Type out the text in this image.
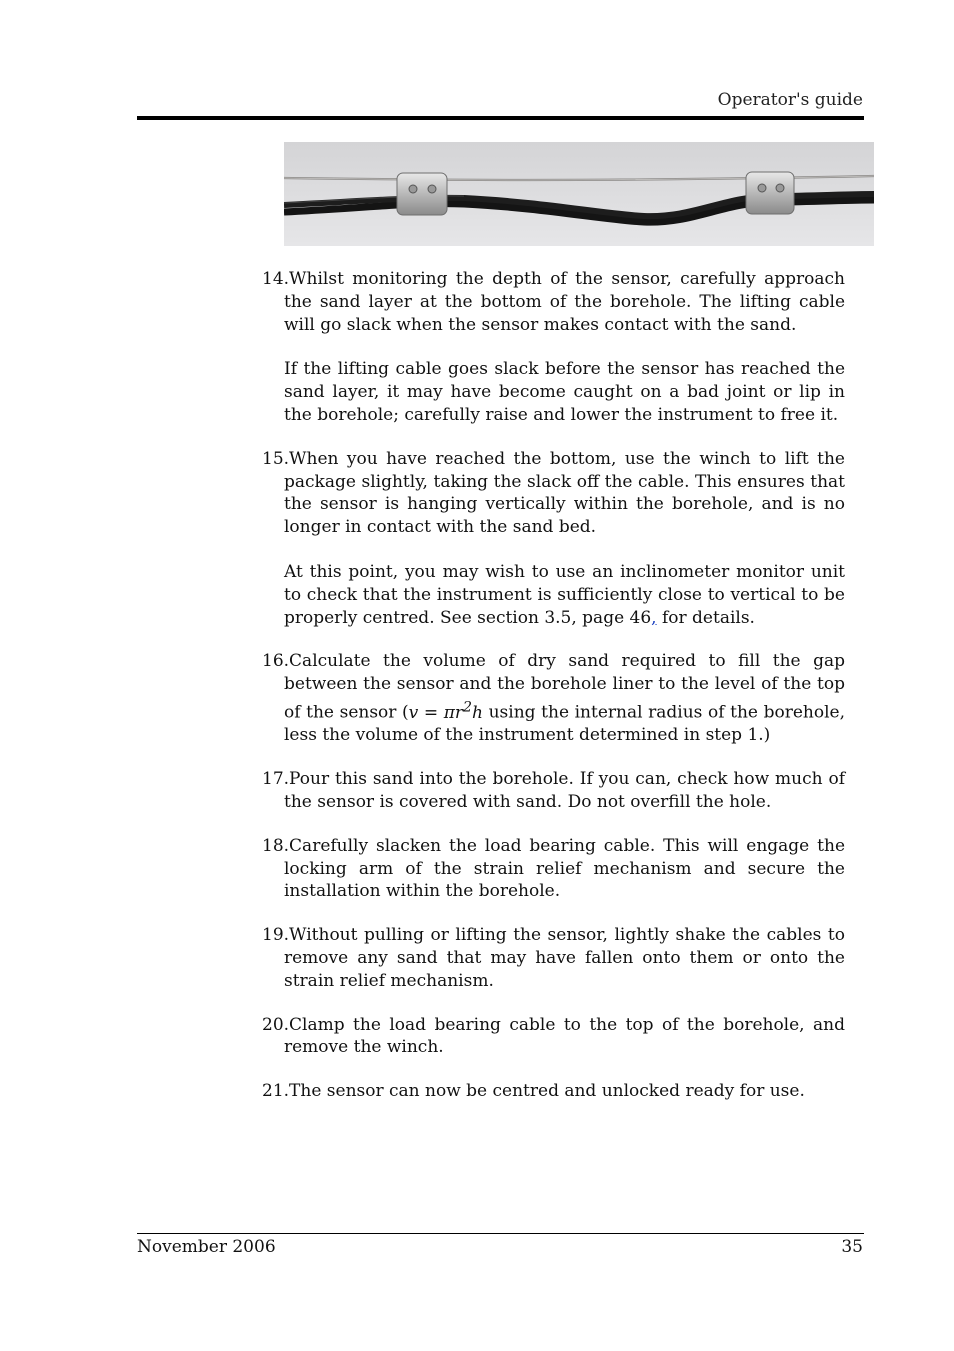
Operator's guide

14.Whilst monitoring the depth of the sensor, carefully approach the sand layer at the bottom of the borehole. The lifting cable will go slack when the sensor makes contact with the sand.

If the lifting cable goes slack before the sensor has reached the sand layer, it may have become caught on a bad joint or lip in the borehole; carefully raise and lower the instrument to free it.

15.When you have reached the bottom, use the winch to lift the package slightly, taking the slack off the cable. This ensures that the sensor is hanging vertically within the borehole, and is no longer in contact with the sand bed.

At this point, you may wish to use an inclinometer monitor unit to check that the instrument is sufficiently close to vertical to be properly centred. See section 3.5, page 46, for details.

16.Calculate the volume of dry sand required to fill the gap between the sensor and the borehole liner to the level of the top of the sensor ($v = \pi r^2h$ using the internal radius of the borehole, less the volume of the instrument determined in step 1.)

17.Pour this sand into the borehole. If you can, check how much of the sensor is covered with sand. Do not overfill the hole.

18.Carefully slacken the load bearing cable. This will engage the locking arm of the strain relief mechanism and secure the installation within the borehole.

19.Without pulling or lifting the sensor, lightly shake the cables to remove any sand that may have fallen onto them or onto the strain relief mechanism.

20.Clamp the load bearing cable to the top of the borehole, and remove the winch.

21.The sensor can now be centred and unlocked ready for use.

November 2006	35
